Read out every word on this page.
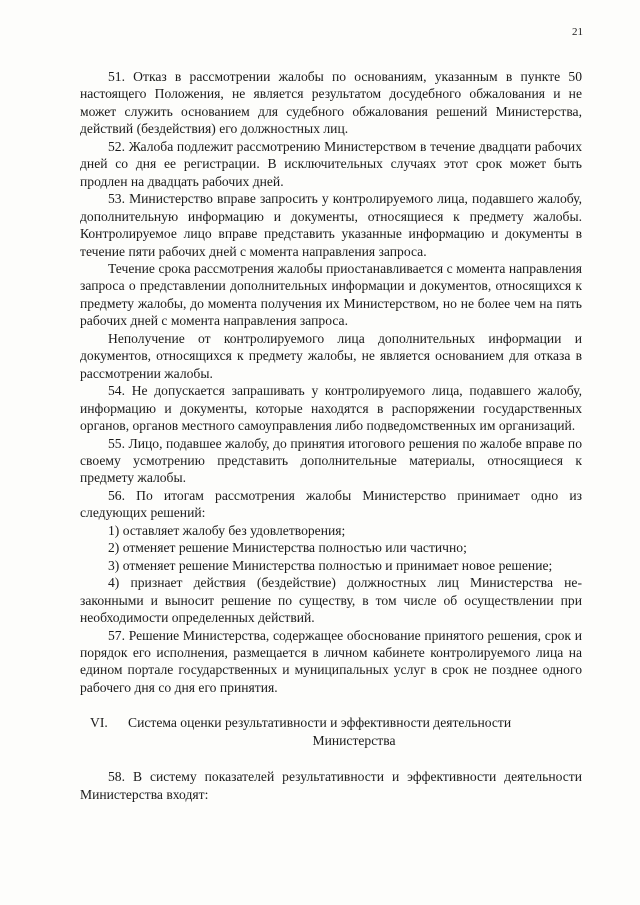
21

51. Отказ в рассмотрении жалобы по основаниям, указанным в пункте 50 настоящего Положения, не является результатом досудебного обжалования и не может служить основанием для судебного обжалования решений Министерства, действий (бездействия) его должностных лиц.

52. Жалоба подлежит рассмотрению Министерством в течение двадцати рабочих дней со дня ее регистрации. В исключительных случаях этот срок может быть продлен на двадцать рабочих дней.

53. Министерство вправе запросить у контролируемого лица, подавшего жалобу, дополнительную информацию и документы, относящиеся к предмету жалобы. Контролируемое лицо вправе представить указанные информацию и документы в течение пяти рабочих дней с момента направления запроса.

Течение срока рассмотрения жалобы приостанавливается с момента направления запроса о представлении дополнительных информации и документов, относящихся к предмету жалобы, до момента получения их Министерством, но не более чем на пять рабочих дней с момента направления запроса.

Неполучение от контролируемого лица дополнительных информации и документов, относящихся к предмету жалобы, не является основанием для отказа в рассмотрении жалобы.

54. Не допускается запрашивать у контролируемого лица, подавшего жалобу, информацию и документы, которые находятся в распоряжении государственных органов, органов местного самоуправления либо подведомственных им организаций.

55. Лицо, подавшее жалобу, до принятия итогового решения по жалобе вправе по своему усмотрению представить дополнительные материалы, относящиеся к предмету жалобы.

56. По итогам рассмотрения жалобы Министерство принимает одно из следующих решений:

1) оставляет жалобу без удовлетворения;

2) отменяет решение Министерства полностью или частично;

3) отменяет решение Министерства полностью и принимает новое решение;

4) признает действия (бездействие) должностных лиц Министерства незаконными и выносит решение по существу, в том числе об осуществлении при необходимости определенных действий.

57. Решение Министерства, содержащее обоснование принятого решения, срок и порядок его исполнения, размещается в личном кабинете контролируемого лица на едином портале государственных и муниципальных услуг в срок не позднее одного рабочего дня со дня его принятия.

VI. Система оценки результативности и эффективности деятельности
Министерства

58. В систему показателей результативности и эффективности деятельности Министерства входят:
